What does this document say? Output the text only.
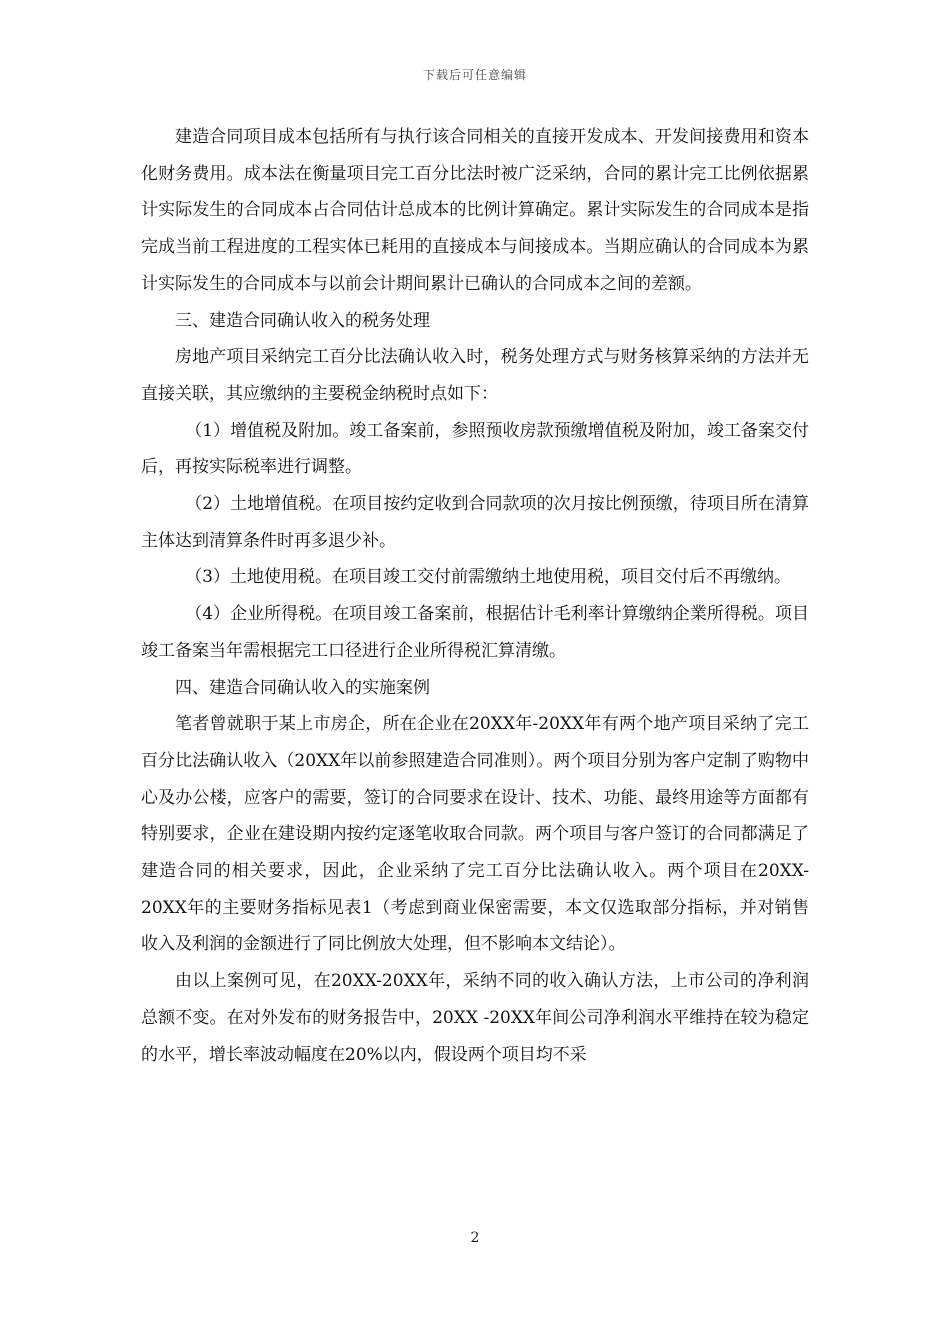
下载后可任意编辑

建造合同项目成本包括所有与执行该合同相关的直接开发成本、开发间接费用和资本化财务费用。成本法在衡量项目完工百分比法时被广泛采纳，合同的累计完工比例依据累计实际发生的合同成本占合同估计总成本的比例计算确定。累计实际发生的合同成本是指完成当前工程进度的工程实体已耗用的直接成本与间接成本。当期应确认的合同成本为累计实际发生的合同成本与以前会计期间累计已确认的合同成本之间的差额。

三、建造合同确认收入的税务处理

房地产项目采纳完工百分比法确认收入时，税务处理方式与财务核算采纳的方法并无直接关联，其应缴纳的主要税金纳税时点如下：

（1）增值税及附加。竣工备案前，参照预收房款预缴增值税及附加，竣工备案交付后，再按实际税率进行调整。

（2）土地增值税。在项目按约定收到合同款项的次月按比例预缴，待项目所在清算主体达到清算条件时再多退少补。

（3）土地使用税。在项目竣工交付前需缴纳土地使用税，项目交付后不再缴纳。

（4）企业所得税。在项目竣工备案前，根据估计毛利率计算缴纳企業所得税。项目竣工备案当年需根据完工口径进行企业所得税汇算清缴。

四、建造合同确认收入的实施案例

笔者曾就职于某上市房企，所在企业在20XX年-20XX年有两个地产项目采纳了完工百分比法确认收入（20XX年以前参照建造合同准则）。两个项目分别为客户定制了购物中心及办公楼，应客户的需要，签订的合同要求在设计、技术、功能、最终用途等方面都有特别要求，企业在建设期内按约定逐笔收取合同款。两个项目与客户签订的合同都满足了建造合同的相关要求，因此，企业采纳了完工百分比法确认收入。两个项目在20XX-20XX年的主要财务指标见表1（考虑到商业保密需要，本文仅选取部分指标，并对销售收入及利润的金额进行了同比例放大处理，但不影响本文结论）。

由以上案例可见，在20XX-20XX年，采纳不同的收入确认方法，上市公司的净利润总额不变。在对外发布的财务报告中，20XX -20XX年间公司净利润水平维持在较为稳定的水平，增长率波动幅度在20%以内，假设两个项目均不采

2
